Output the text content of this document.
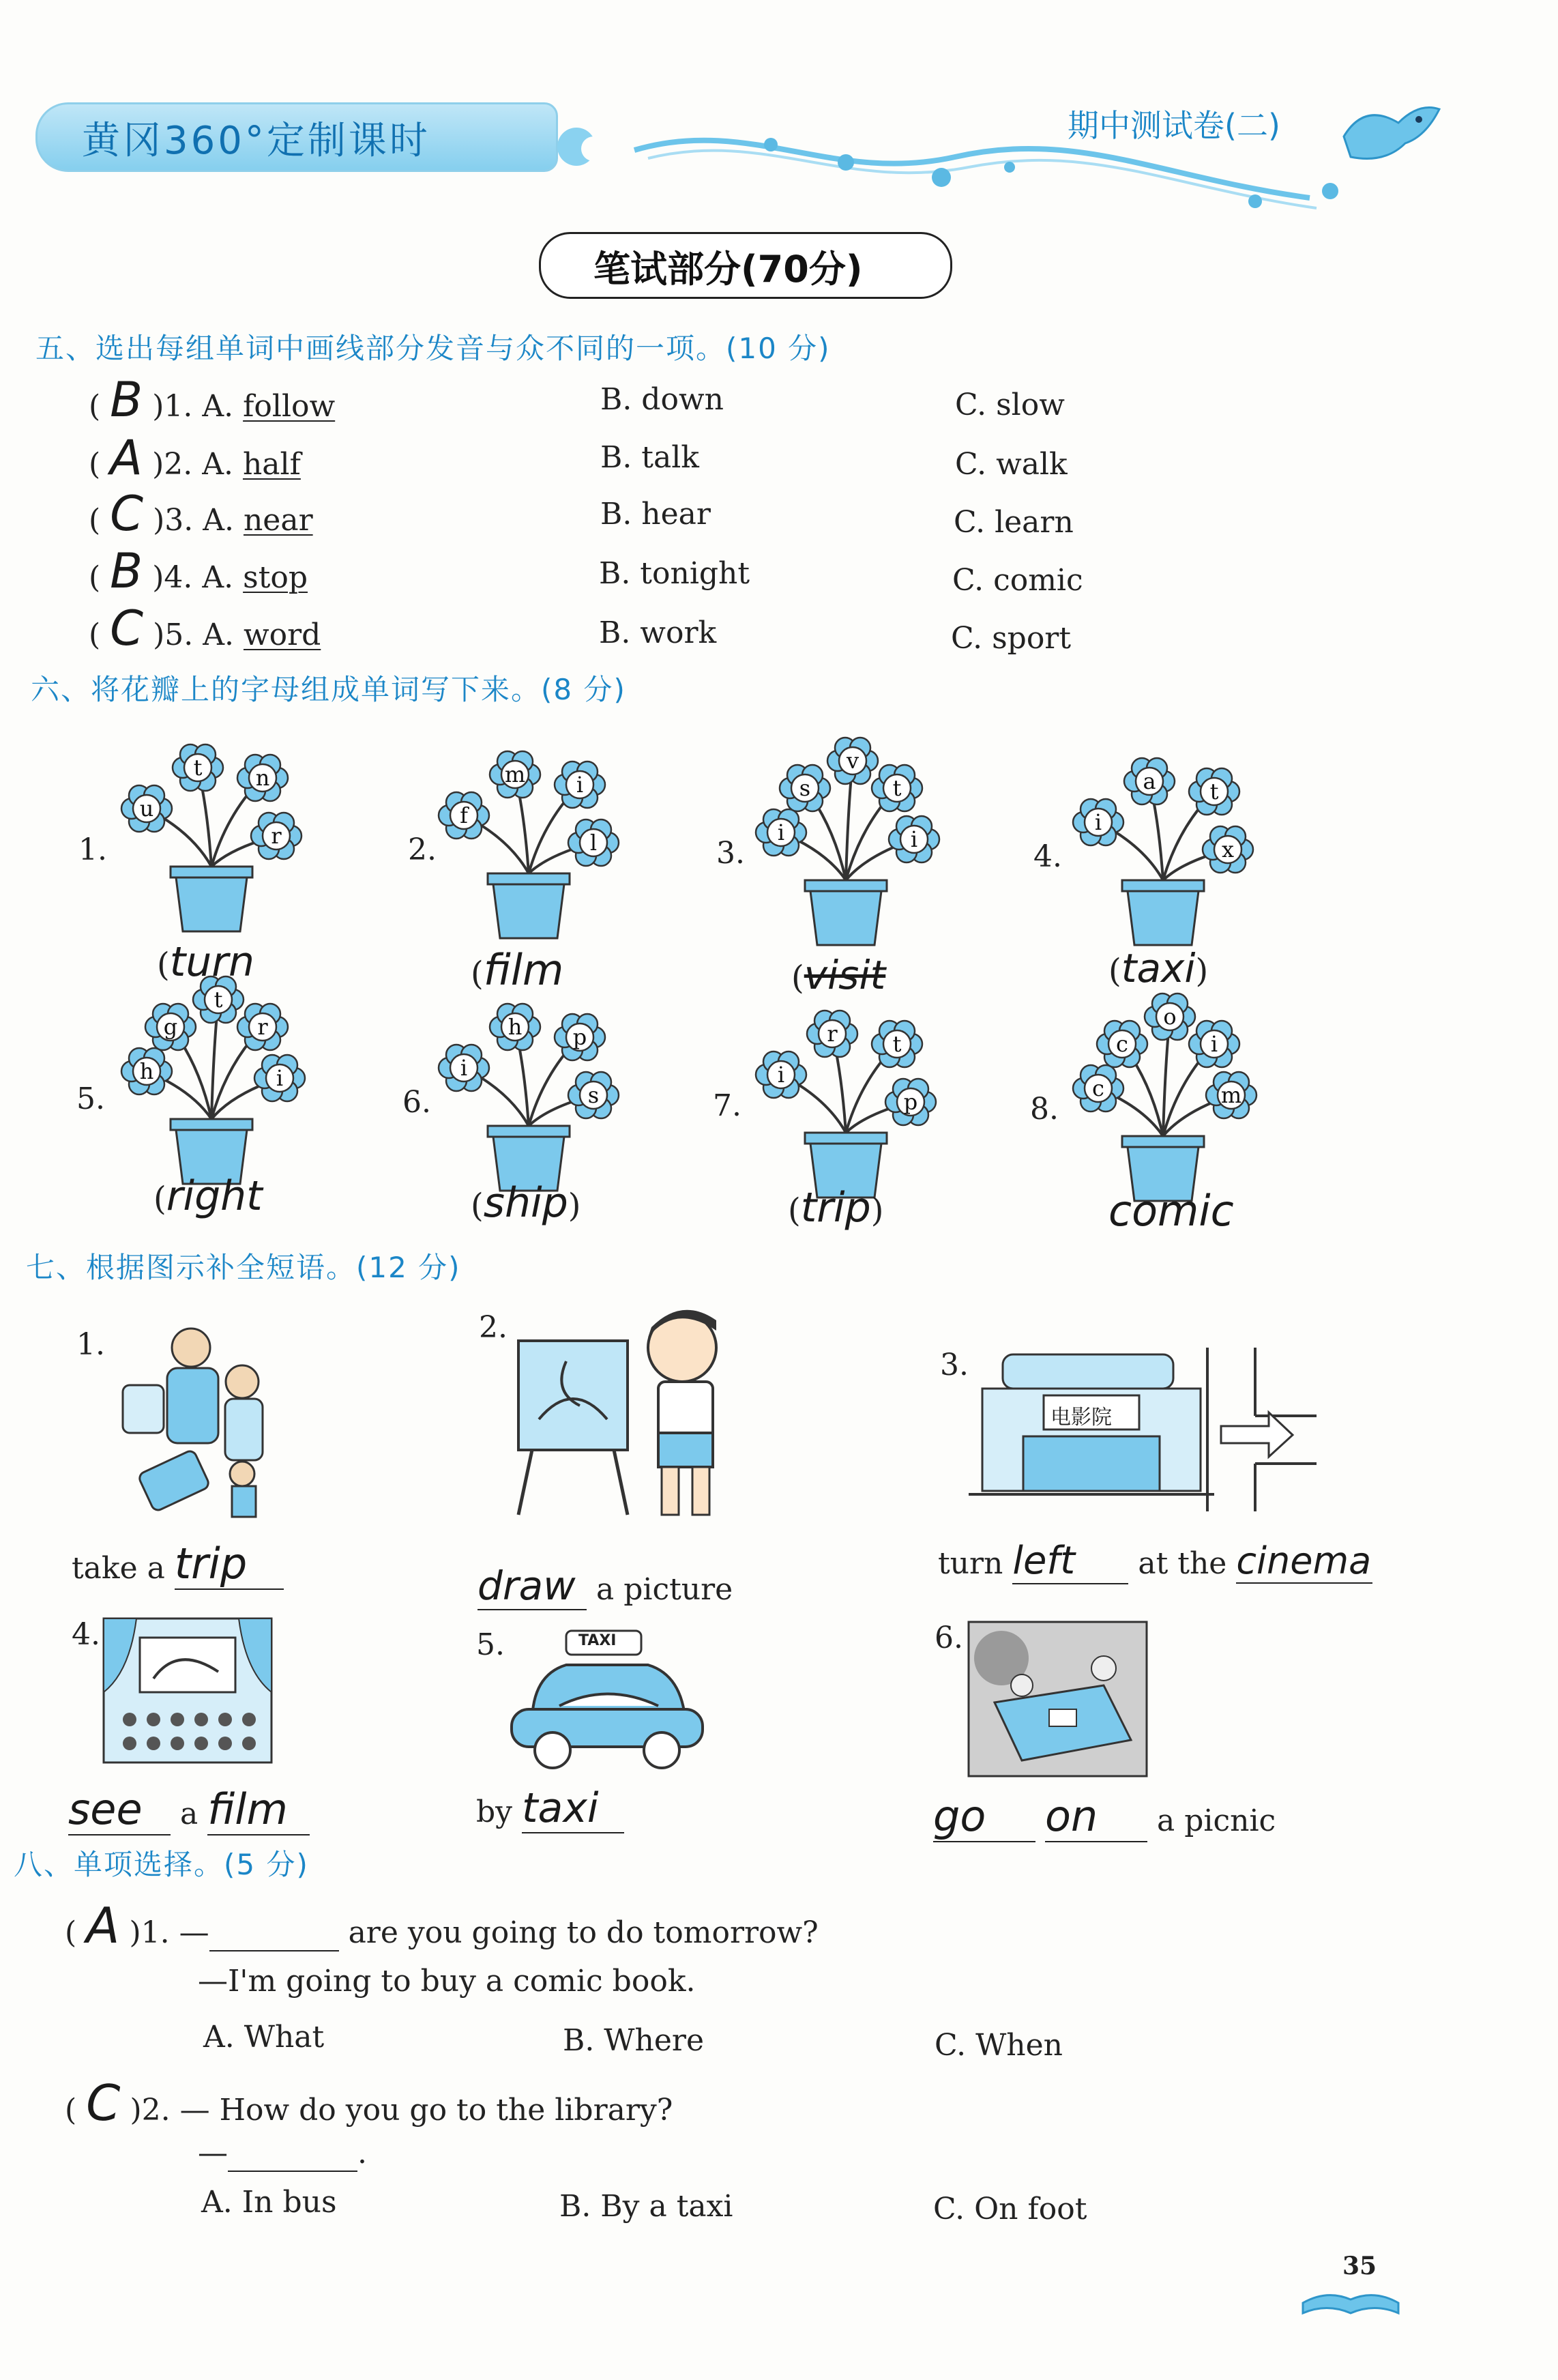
黄冈360°定制课时	期中测试卷(二)
笔试部分(70分)
五、选出每组单词中画线部分发音与众不同的一项。(10 分)
( B )1. A. follow	B. down	C. slow
( A )2. A. half	B. talk	C. walk
( C )3. A. near	B. hear	C. learn
( B )4. A. stop	B. tonight	C. comic
( C )5. A. word	B. work	C. sport
六、将花瓣上的字母组成单词写下来。(8 分)
u
t n
r
f
m i
l	i
s
v
t
i
i
a t
x
h
g
t
r
i	i
h p
s
i
r	t
p
c
c
o
i
m
1.	2.	3.	4.
5.	6.	7.	8.
(turn	(film	(visit	(taxi)
(right	(ship)	(trip)	comic
七、根据图示补全短语。(12 分)
1.
take a trip
2.
draw a picture
3.
电影院
turn left at the cinema
4.
see a film
5.	TAXI
by taxi
6.
go on a picnic
八、单项选择。(5 分)
( A )1. —	are you going to do tomorrow?
—I'm going to buy a comic book.
A. What	B. Where	C. When
( C )2. — How do you go to the library?
—	.
A. In bus	B. By a taxi	C. On foot
35
